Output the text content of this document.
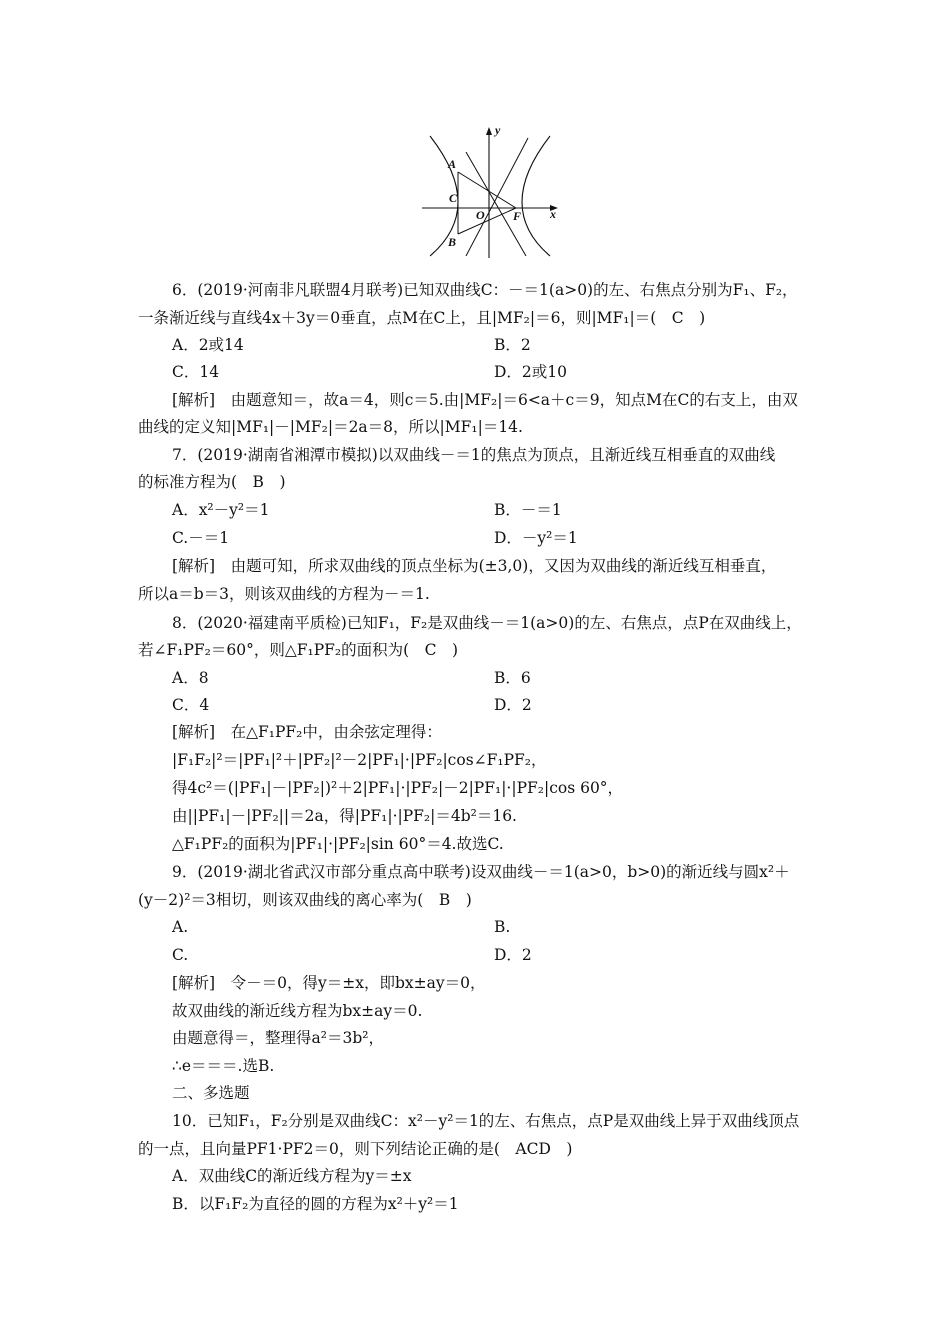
y
x
A
C
O F
B
6．(2019·河南非凡联盟4月联考)已知双曲线C：－＝1(a>0)的左、右焦点分别为F₁、F₂，
一条渐近线与直线4x＋3y＝0垂直，点M在C上，且|MF₂|＝6，则|MF₁|＝(　C　)
A．2或14	B．2
C．14	D．2或10
[解析]　由题意知＝，故a＝4，则c＝5.由|MF₂|＝6<a＋c＝9，知点M在C的右支上，由双
曲线的定义知|MF₁|－|MF₂|＝2a＝8，所以|MF₁|＝14.
7．(2019·湖南省湘潭市模拟)以双曲线－＝1的焦点为顶点，且渐近线互相垂直的双曲线
的标准方程为(　B　)
A．x²－y²＝1	B．－＝1
C.－＝1	D．－y²＝1
[解析]　由题可知，所求双曲线的顶点坐标为(±3,0)，又因为双曲线的渐近线互相垂直，
所以a＝b＝3，则该双曲线的方程为－＝1.
8．(2020·福建南平质检)已知F₁，F₂是双曲线－＝1(a>0)的左、右焦点，点P在双曲线上，
若∠F₁PF₂＝60°，则△F₁PF₂的面积为(　C　)
A．8	B．6
C．4	D．2
[解析]　在△F₁PF₂中，由余弦定理得：
|F₁F₂|²＝|PF₁|²＋|PF₂|²－2|PF₁|·|PF₂|cos∠F₁PF₂，
得4c²＝(|PF₁|－|PF₂|)²＋2|PF₁|·|PF₂|－2|PF₁|·|PF₂|cos 60°，
由||PF₁|－|PF₂||＝2a，得|PF₁|·|PF₂|＝4b²＝16.
△F₁PF₂的面积为|PF₁|·|PF₂|sin 60°＝4.故选C.
9．(2019·湖北省武汉市部分重点高中联考)设双曲线－＝1(a>0，b>0)的渐近线与圆x²＋
(y－2)²＝3相切，则该双曲线的离心率为(　B　)
A.	B.
C.	D．2
[解析]　令－＝0，得y＝±x，即bx±ay＝0，
故双曲线的渐近线方程为bx±ay＝0.
由题意得＝，整理得a²＝3b²，
∴e＝＝＝.选B.
二、多选题
10．已知F₁，F₂分别是双曲线C：x²－y²＝1的左、右焦点，点P是双曲线上异于双曲线顶点
的一点，且向量PF1·PF2＝0，则下列结论正确的是(　ACD　)
A．双曲线C的渐近线方程为y＝±x
B．以F₁F₂为直径的圆的方程为x²＋y²＝1
